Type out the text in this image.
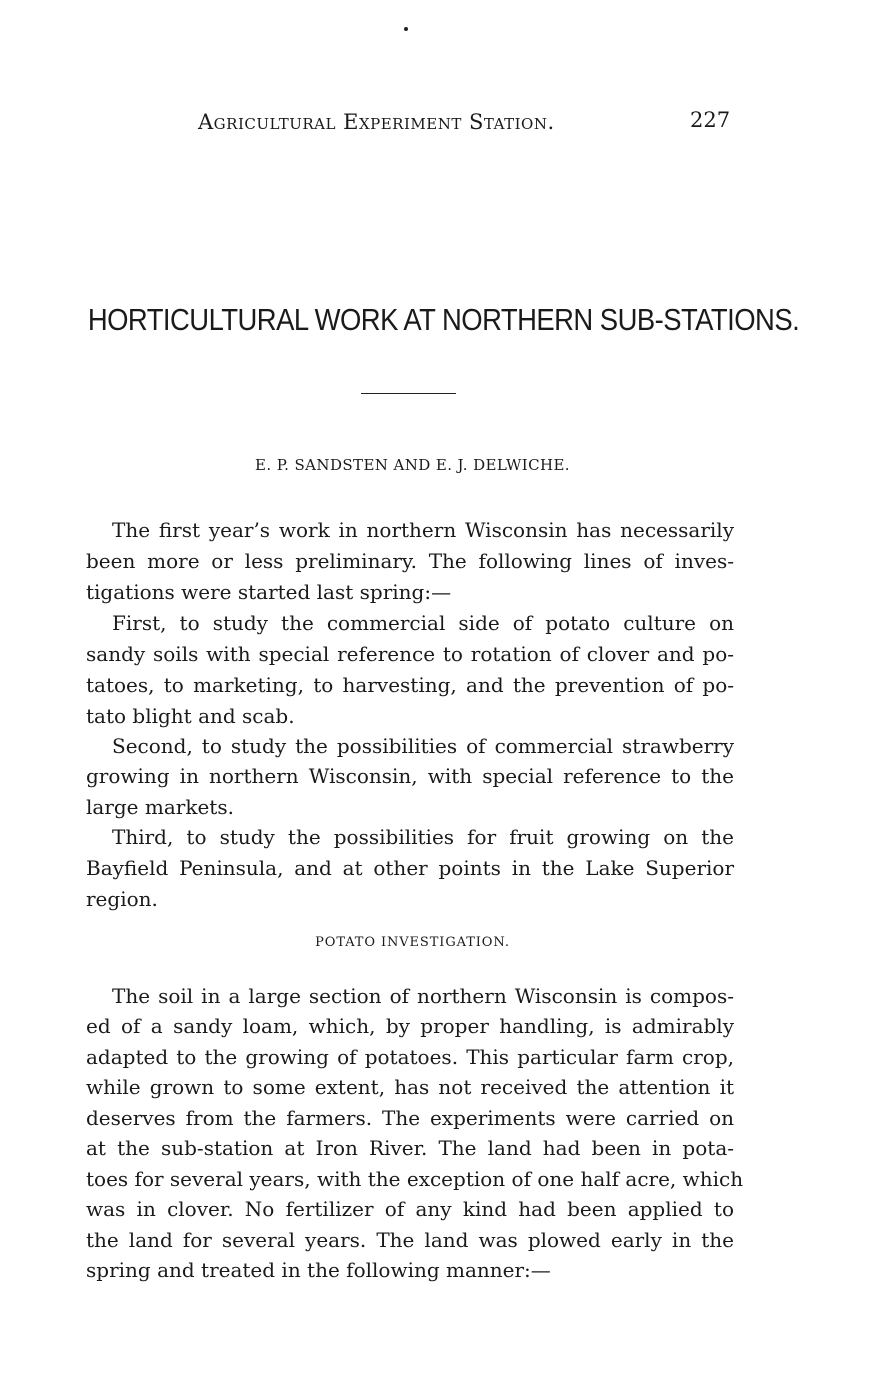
Agricultural Experiment Station.	227
HORTICULTURAL WORK AT NORTHERN SUB-STATIONS.
E. P. SANDSTEN AND E. J. DELWICHE.
The first year’s work in northern Wisconsin has necessarily
been more or less preliminary. The following lines of inves-
tigations were started last spring:—
First, to study the commercial side of potato culture on
sandy soils with special reference to rotation of clover and po-
tatoes, to marketing, to harvesting, and the prevention of po-
tato blight and scab.
Second, to study the possibilities of commercial strawberry
growing in northern Wisconsin, with special reference to the
large markets.
Third, to study the possibilities for fruit growing on the
Bayfield Peninsula, and at other points in the Lake Superior
region.
POTATO INVESTIGATION.
The soil in a large section of northern Wisconsin is compos-
ed of a sandy loam, which, by proper handling, is admirably
adapted to the growing of potatoes. This particular farm crop,
while grown to some extent, has not received the attention it
deserves from the farmers. The experiments were carried on
at the sub-station at Iron River. The land had been in pota-
toes for several years, with the exception of one half acre, which
was in clover. No fertilizer of any kind had been applied to
the land for several years. The land was plowed early in the
spring and treated in the following manner:—
